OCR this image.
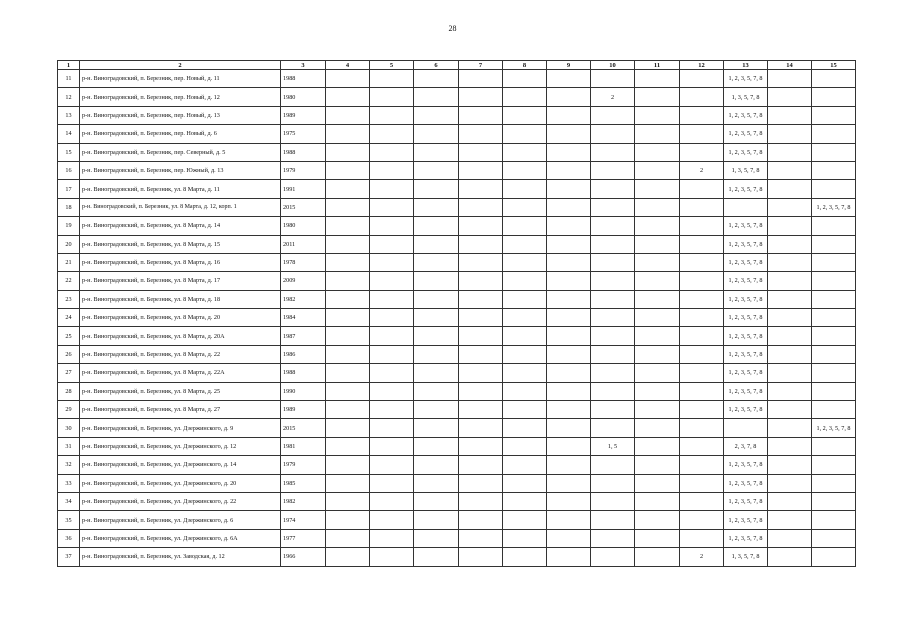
28
1	2	3	4	5	6	7	8	9	10	11	12	13	14	15
11	р-н. Виноградовский, п. Березник, пер. Новый, д. 11	1988										1, 2, 3, 5, 7, 8		
12	р-н. Виноградовский, п. Березник, пер. Новый, д. 12	1980							2			1, 3, 5, 7, 8		
13	р-н. Виноградовский, п. Березник, пер. Новый, д. 13	1989										1, 2, 3, 5, 7, 8		
14	р-н. Виноградовский, п. Березник, пер. Новый, д. 6	1975										1, 2, 3, 5, 7, 8		
15	р-н. Виноградовский, п. Березник, пер. Северный, д. 5	1988										1, 2, 3, 5, 7, 8		
16	р-н. Виноградовский, п. Березник, пер. Южный, д. 13	1979									2	1, 3, 5, 7, 8		
17	р-н. Виноградовский, п. Березник, ул. 8 Марта, д. 11	1991										1, 2, 3, 5, 7, 8		
18	р-н. Виноградовский, п. Березник, ул. 8 Марта, д. 12, корп. 1	2015												1, 2, 3, 5, 7, 8
19	р-н. Виноградовский, п. Березник, ул. 8 Марта, д. 14	1980										1, 2, 3, 5, 7, 8		
20	р-н. Виноградовский, п. Березник, ул. 8 Марта, д. 15	2011										1, 2, 3, 5, 7, 8		
21	р-н. Виноградовский, п. Березник, ул. 8 Марта, д. 16	1978										1, 2, 3, 5, 7, 8		
22	р-н. Виноградовский, п. Березник, ул. 8 Марта, д. 17	2009										1, 2, 3, 5, 7, 8		
23	р-н. Виноградовский, п. Березник, ул. 8 Марта, д. 18	1982										1, 2, 3, 5, 7, 8		
24	р-н. Виноградовский, п. Березник, ул. 8 Марта, д. 20	1984										1, 2, 3, 5, 7, 8		
25	р-н. Виноградовский, п. Березник, ул. 8 Марта, д. 20А	1987										1, 2, 3, 5, 7, 8		
26	р-н. Виноградовский, п. Березник, ул. 8 Марта, д. 22	1986										1, 2, 3, 5, 7, 8		
27	р-н. Виноградовский, п. Березник, ул. 8 Марта, д. 22А	1988										1, 2, 3, 5, 7, 8		
28	р-н. Виноградовский, п. Березник, ул. 8 Марта, д. 25	1990										1, 2, 3, 5, 7, 8		
29	р-н. Виноградовский, п. Березник, ул. 8 Марта, д. 27	1989										1, 2, 3, 5, 7, 8		
30	р-н. Виноградовский, п. Березник, ул. Дзержинского, д. 9	2015												1, 2, 3, 5, 7, 8
31	р-н. Виноградовский, п. Березник, ул. Дзержинского, д. 12	1981							1, 5			2, 3, 7, 8		
32	р-н. Виноградовский, п. Березник, ул. Дзержинского, д. 14	1979										1, 2, 3, 5, 7, 8		
33	р-н. Виноградовский, п. Березник, ул. Дзержинского, д. 20	1985										1, 2, 3, 5, 7, 8		
34	р-н. Виноградовский, п. Березник, ул. Дзержинского, д. 22	1982										1, 2, 3, 5, 7, 8		
35	р-н. Виноградовский, п. Березник, ул. Дзержинского, д. 6	1974										1, 2, 3, 5, 7, 8		
36	р-н. Виноградовский, п. Березник, ул. Дзержинского, д. 6А	1977										1, 2, 3, 5, 7, 8		
37	р-н. Виноградовский, п. Березник, ул. Заводская, д. 12	1966									2	1, 3, 5, 7, 8		
